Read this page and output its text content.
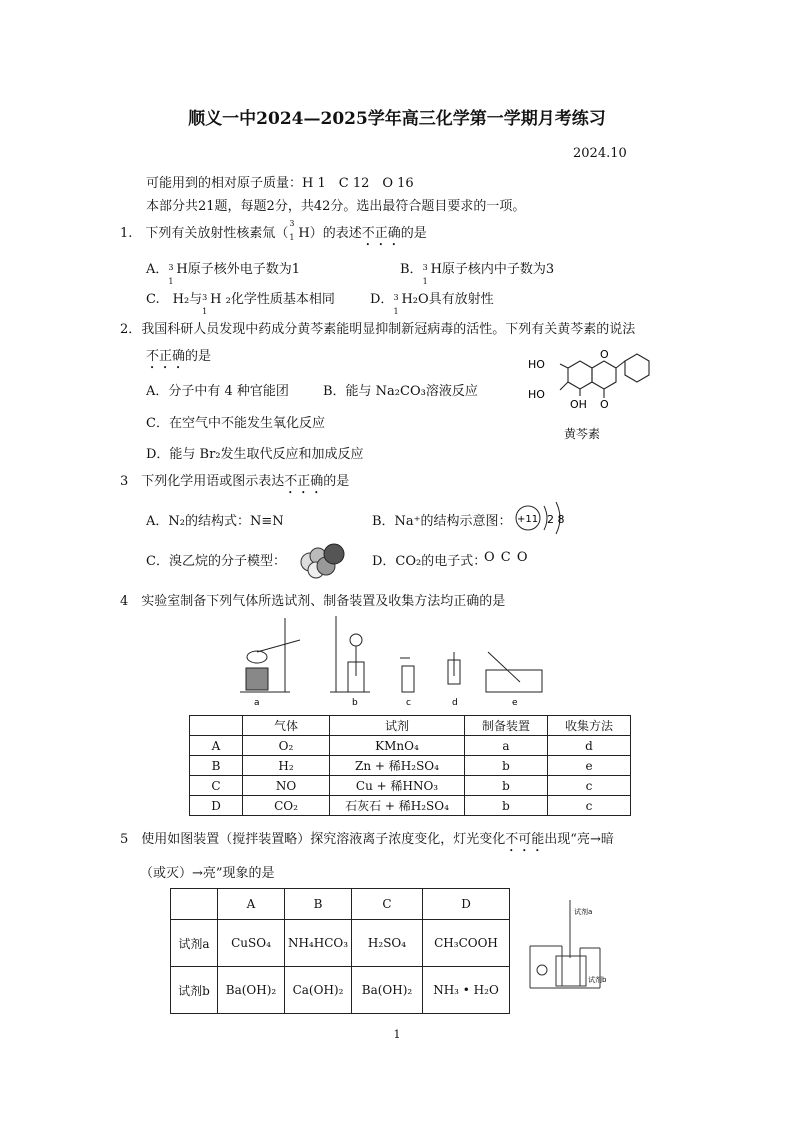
顺义一中2024—2025学年高三化学第一学期月考练习
2024.10
可能用到的相对原子质量：H 1　C 12　O 16
本部分共21题，每题2分，共42分。选出最符合题目要求的一项。
1.　下列有关放射性核素氚（
3
1 H）的表述不正确的是
A． 3
1
H原子核外电子数为1	B． 3
1
H原子核内中子数为3
C.　H₂与 3
1
H ₂化学性质基本相同	D． 3
1
H₂O具有放射性
2．我国科研人员发现中药成分黄芩素能明显抑制新冠病毒的活性。下列有关黄芩素的说法
不正确的是
A．分子中有 4 种官能团	B．能与 Na₂CO₃溶液反应
C．在空气中不能发生氧化反应
D．能与 Br₂发生取代反应和加成反应
HO
HO
OH
O
O
黄芩素
3　下列化学用语或图示表达不正确的是
A．N₂的结构式：N≡N	B．Na⁺的结构示意图： +11 2 8
C．溴乙烷的分子模型：	D．CO₂的电子式：
O C O
4　实验室制备下列气体所选试剂、制备装置及收集方法均正确的是
a	b	c	d	e
	气体	试剂	制备装置	收集方法
A	O₂	KMnO₄	a	d
B	H₂	Zn + 稀H₂SO₄	b	e
C	NO	Cu + 稀HNO₃	b	c
D	CO₂	石灰石 + 稀H₂SO₄	b	c
5　使用如图装置（搅拌装置略）探究溶液离子浓度变化，灯光变化不可能出现“亮→暗
（或灭）→亮”现象的是
	A	B	C	D
试剂a	CuSO₄	NH₄HCO₃	H₂SO₄	CH₃COOH
试剂b	Ba(OH)₂	Ca(OH)₂	Ba(OH)₂	NH₃ • H₂O
试剂a
试剂b
1
